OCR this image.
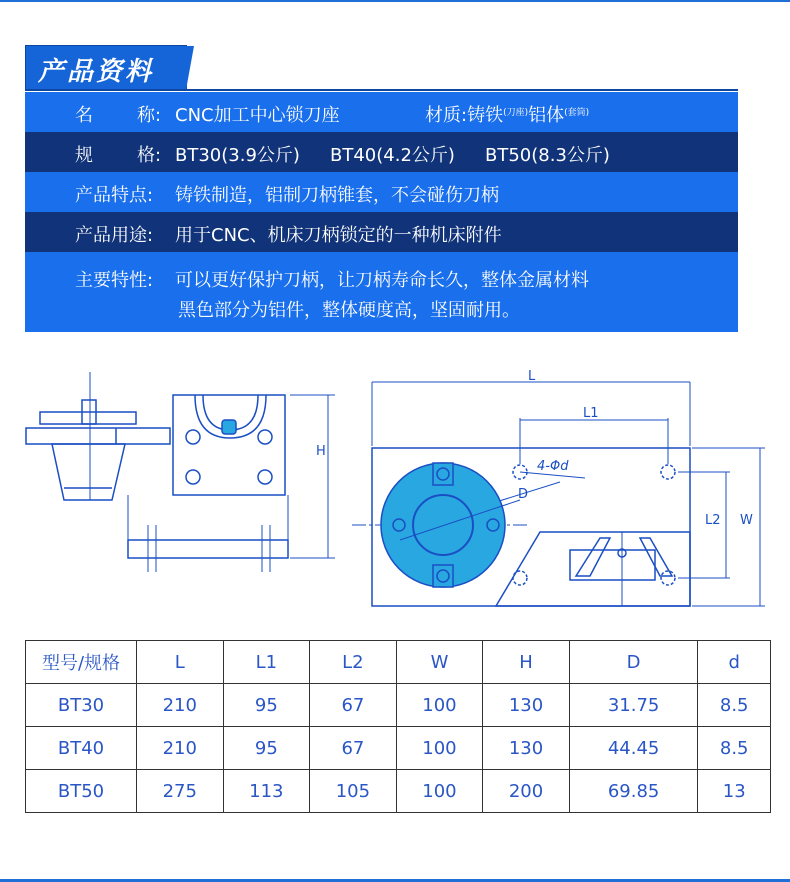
产品资料
名 称: CNC加工中心锁刀座	材质:铸铁$^{(刀座)}$铝体$^{(套筒)}$
规 格: BT30(3.9公斤) BT40(4.2公斤) BT50(8.3公斤)
产品特点: 铸铁制造，铝制刀柄锥套，不会碰伤刀柄
产品用途: 用于CNC、机床刀柄锁定的一种机床附件
主要特性: 可以更好保护刀柄，让刀柄寿命长久，整体金属材料
黑色部分为铝件，整体硬度高，坚固耐用。
H
L
L1
L2 W
D
4-Φd
型号/规格	L	L1	L2	W	H	D	d
BT30	210	95	67	100	130	31.75	8.5
BT40	210	95	67	100	130	44.45	8.5
BT50	275	113	105	100	200	69.85	13
